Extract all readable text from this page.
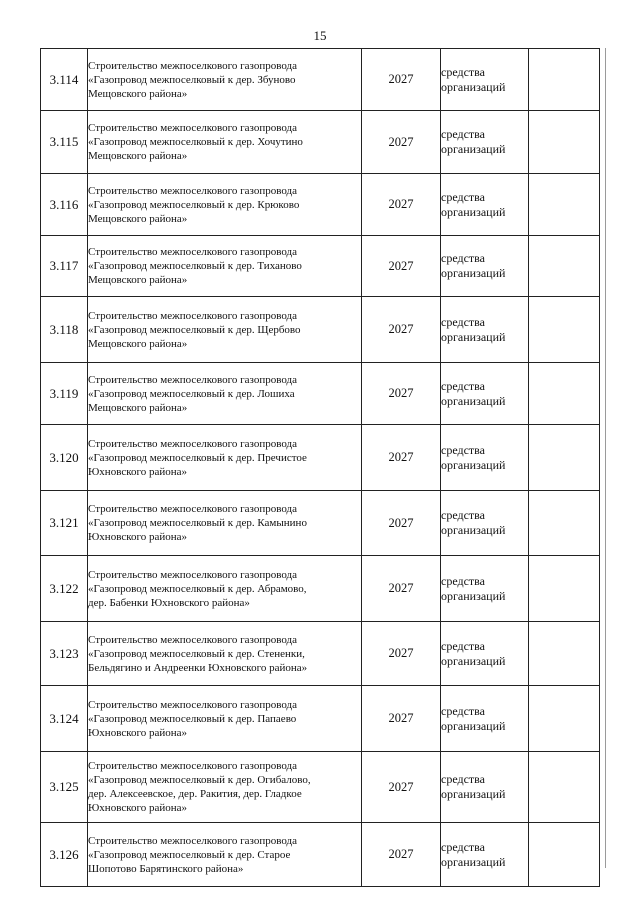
15
3.114	Строительство межпоселкового газопровода
«Газопровод межпоселковый к дер. Збуново
Мещовского района»	2027	средства
организаций	

3.115	Строительство межпоселкового газопровода
«Газопровод межпоселковый к дер. Хочутино
Мещовского района»	2027	средства
организаций	

3.116	Строительство межпоселкового газопровода
«Газопровод межпоселковый к дер. Крюково
Мещовского района»	2027	средства
организаций	

3.117	Строительство межпоселкового газопровода
«Газопровод межпоселковый к дер. Тиханово
Мещовского района»	2027	средства
организаций	

3.118	Строительство межпоселкового газопровода
«Газопровод межпоселковый к дер. Щербово
Мещовского района»	2027	средства
организаций	

3.119	Строительство межпоселкового газопровода
«Газопровод межпоселковый к дер. Лошиха
Мещовского района»	2027	средства
организаций	

3.120	Строительство межпоселкового газопровода
«Газопровод межпоселковый к дер. Пречистое
Юхновского района»	2027	средства
организаций	

3.121	Строительство межпоселкового газопровода
«Газопровод межпоселковый к дер. Камынино
Юхновского района»	2027	средства
организаций	

3.122	Строительство межпоселкового газопровода
«Газопровод межпоселковый к дер. Абрамово,
дер. Бабенки Юхновского района»	2027	средства
организаций	

3.123	Строительство межпоселкового газопровода
«Газопровод межпоселковый к дер. Стененки,
Бельдягино и Андреенки Юхновского района»	2027	средства
организаций	

3.124	Строительство межпоселкового газопровода
«Газопровод межпоселковый к дер. Папаево
Юхновского района»	2027	средства
организаций	

3.125	Строительство межпоселкового газопровода
«Газопровод межпоселковый к дер. Огибалово,
дер. Алексеевское, дер. Ракития, дер. Гладкое
Юхновского района»	2027	средства
организаций	

3.126	Строительство межпоселкового газопровода
«Газопровод межпоселковый к дер. Старое
Шопотово Барятинского района»	2027	средства
организаций	
